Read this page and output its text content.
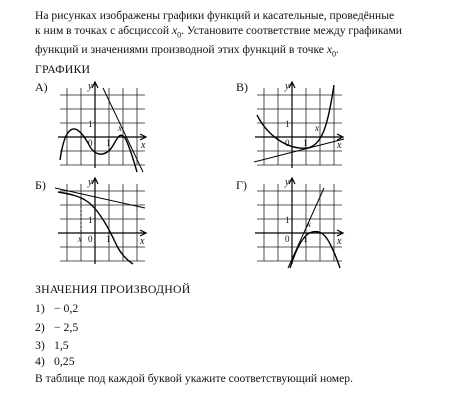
На рисунках изображены графики функций и касательные, проведённые
к ним в точках с абсциссой $x_0$. Установите соответствие между графиками
функций и значениями производной этих функций в точке $x_0$.
ГРАФИКИ
А)	y
x
1
0 1
x
В)	y
x
1
0 1
x
Б)	y
x
1
0 1
x
Г)	y
x
1
0 1
x
ЗНАЧЕНИЯ ПРОИЗВОДНОЙ
1) − 0,2
2) − 2,5
3) 1,5
4) 0,25
В таблице под каждой буквой укажите соответствующий номер.
